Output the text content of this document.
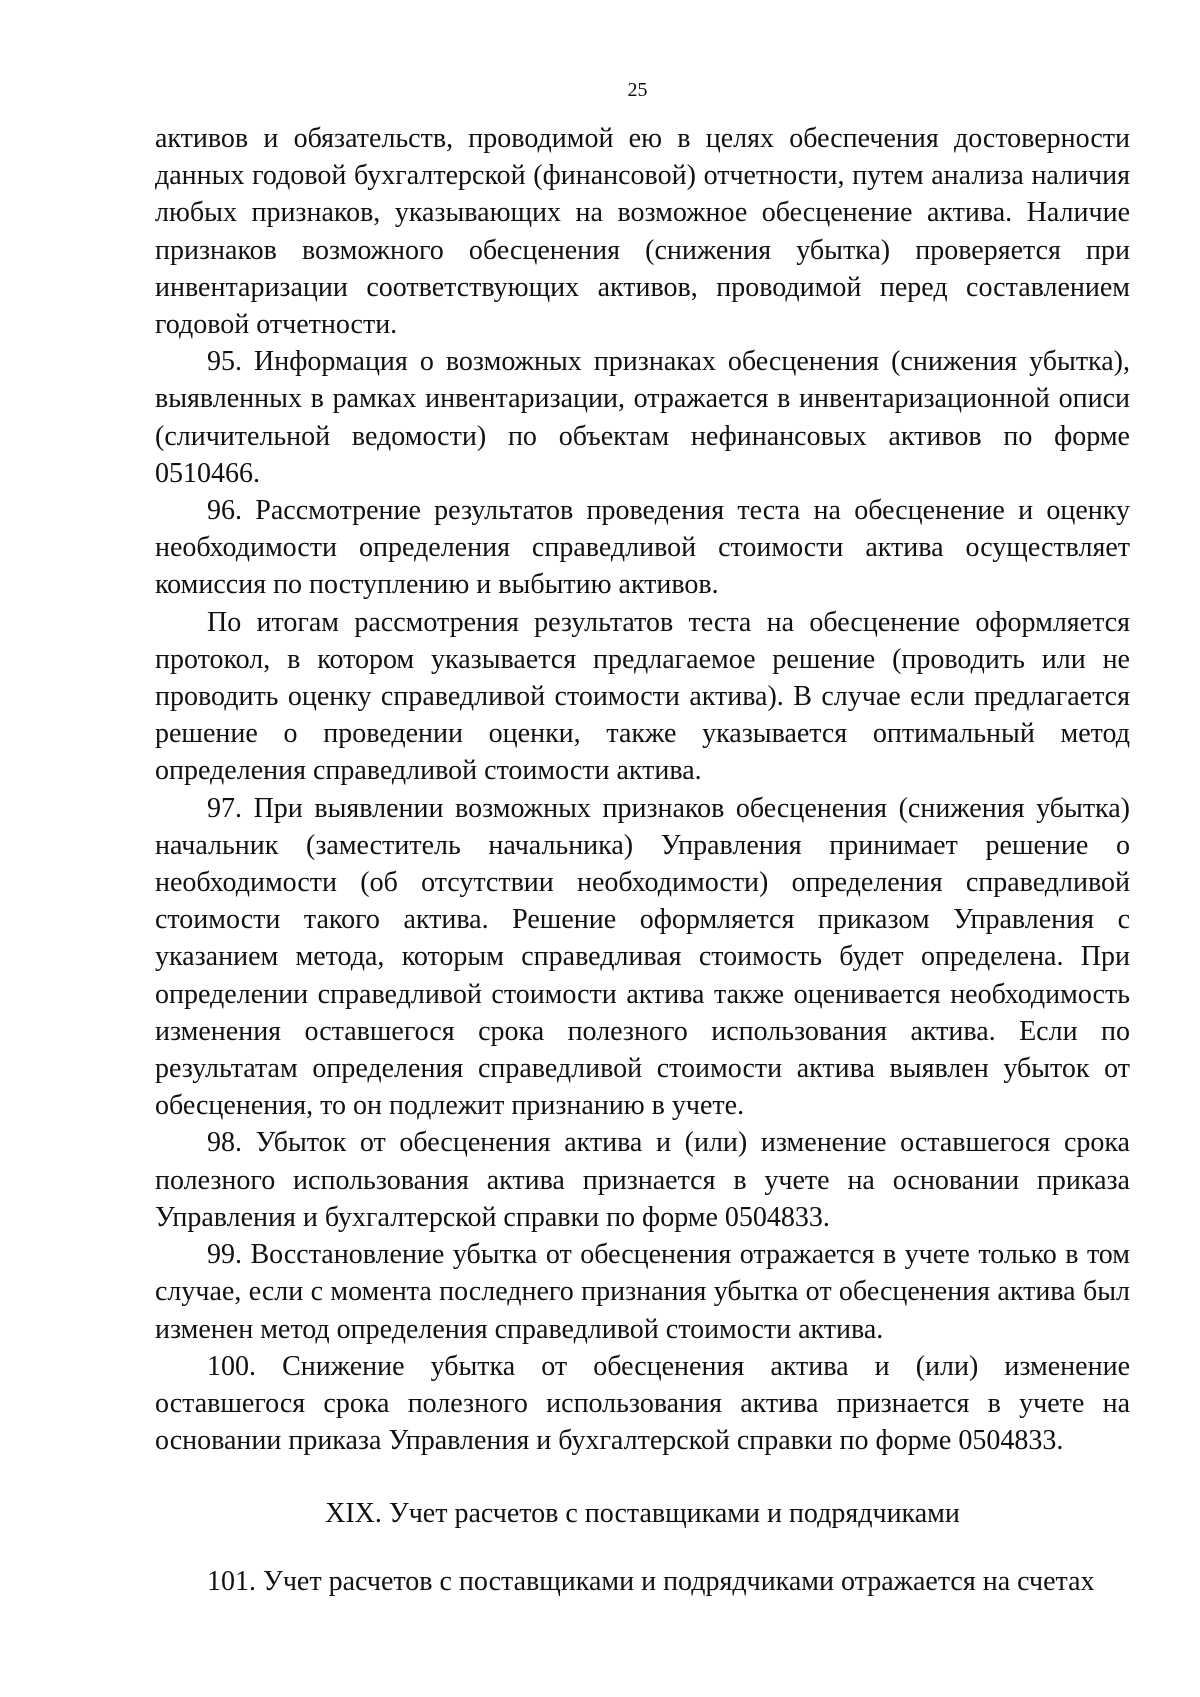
25

активов и обязательств, проводимой ею в целях обеспечения достоверности данных годовой бухгалтерской (финансовой) отчетности, путем анализа наличия любых признаков, указывающих на возможное обесценение актива. Наличие признаков возможного обесценения (снижения убытка) проверяется при инвентаризации соответствующих активов, проводимой перед составлением годовой отчетности.

95. Информация о возможных признаках обесценения (снижения убытка), выявленных в рамках инвентаризации, отражается в инвентаризационной описи (сличительной ведомости) по объектам нефинансовых активов по форме 0510466.

96. Рассмотрение результатов проведения теста на обесценение и оценку необходимости определения справедливой стоимости актива осуществляет комиссия по поступлению и выбытию активов.

По итогам рассмотрения результатов теста на обесценение оформляется протокол, в котором указывается предлагаемое решение (проводить или не проводить оценку справедливой стоимости актива). В случае если предлагается решение о проведении оценки, также указывается оптимальный метод определения справедливой стоимости актива.

97. При выявлении возможных признаков обесценения (снижения убытка) начальник (заместитель начальника) Управления принимает решение о необходимости (об отсутствии необходимости) определения справедливой стоимости такого актива. Решение оформляется приказом Управления с указанием метода, которым справедливая стоимость будет определена. При определении справедливой стоимости актива также оценивается необходимость изменения оставшегося срока полезного использования актива. Если по результатам определения справедливой стоимости актива выявлен убыток от обесценения, то он подлежит признанию в учете.

98. Убыток от обесценения актива и (или) изменение оставшегося срока полезного использования актива признается в учете на основании приказа Управления и бухгалтерской справки по форме 0504833.

99. Восстановление убытка от обесценения отражается в учете только в том случае, если с момента последнего признания убытка от обесценения актива был изменен метод определения справедливой стоимости актива.

100. Снижение убытка от обесценения актива и (или) изменение оставшегося срока полезного использования актива признается в учете на основании приказа Управления и бухгалтерской справки по форме 0504833.

XIX. Учет расчетов с поставщиками и подрядчиками

101. Учет расчетов с поставщиками и подрядчиками отражается на счетах
